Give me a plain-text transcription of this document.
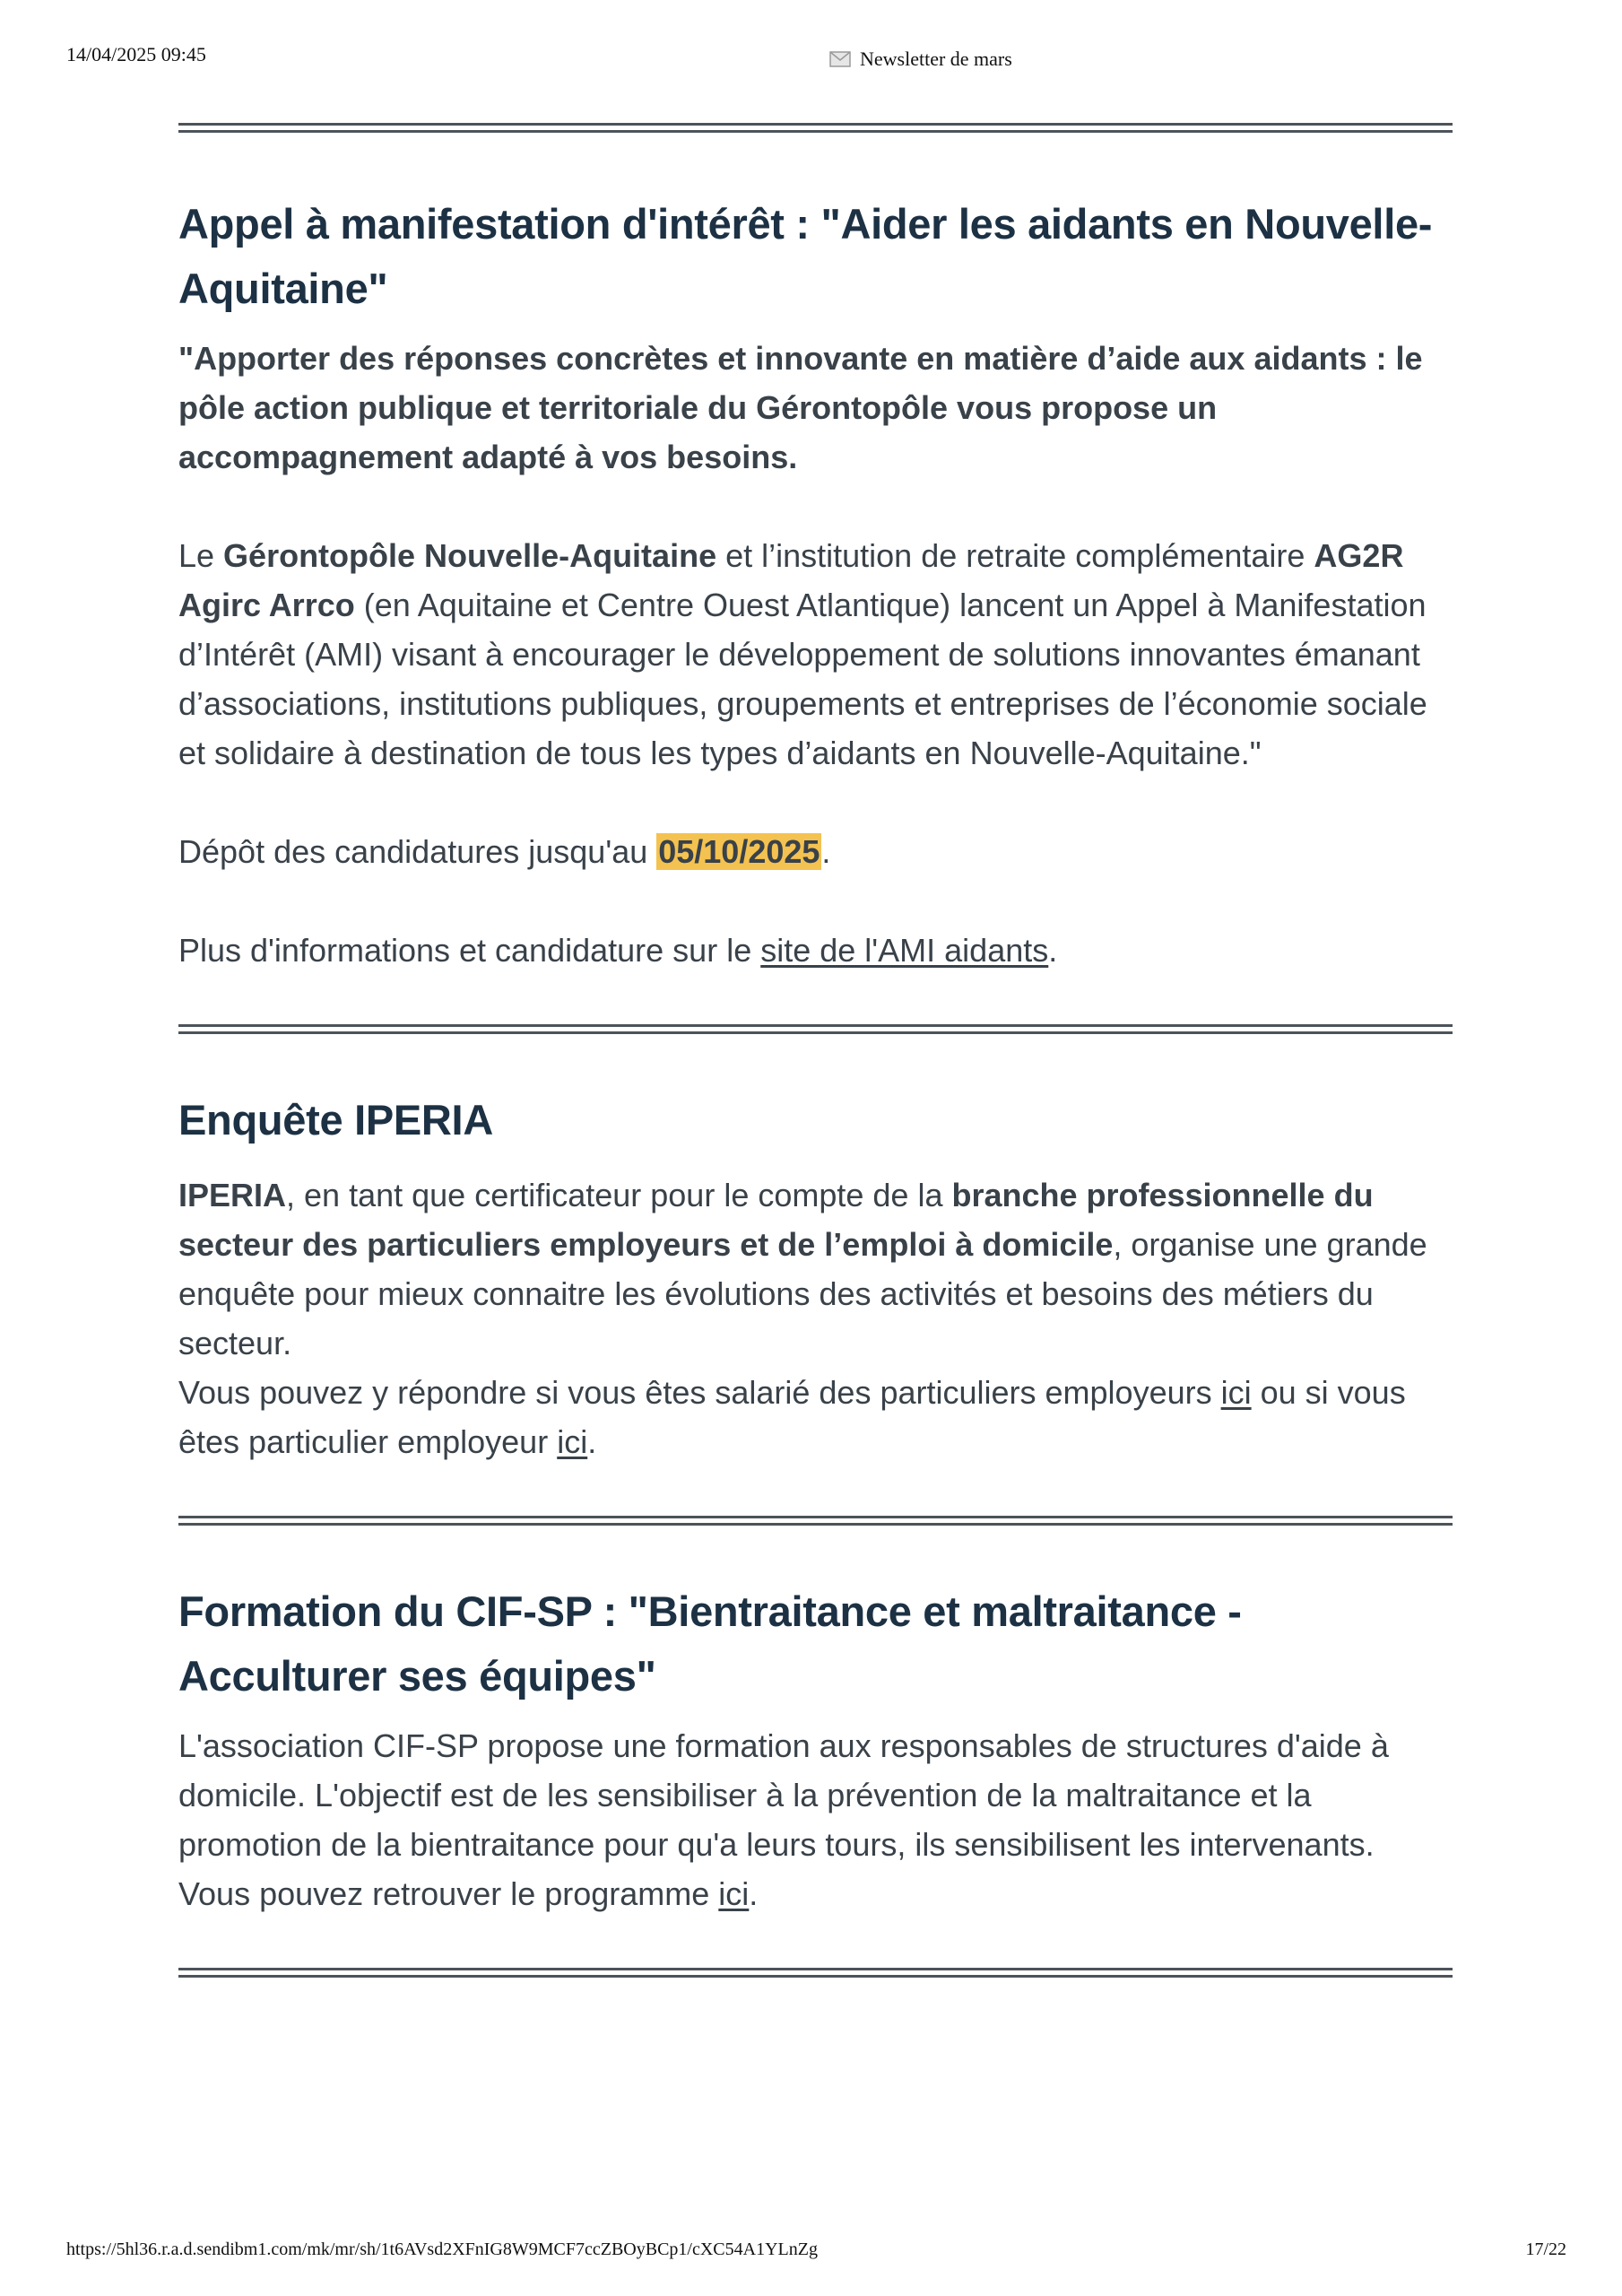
14/04/2025 09:45	Newsletter de mars
Appel à manifestation d'intérêt : "Aider les aidants en Nouvelle-Aquitaine"

"Apporter des réponses concrètes et innovante en matière d’aide aux aidants : le pôle action publique et territoriale du Gérontopôle vous propose un accompagnement adapté à vos besoins.

Le Gérontopôle Nouvelle-Aquitaine et l’institution de retraite complémentaire AG2R Agirc Arrco (en Aquitaine et Centre Ouest Atlantique) lancent un Appel à Manifestation d’Intérêt (AMI) visant à encourager le développement de solutions innovantes émanant d’associations, institutions publiques, groupements et entreprises de l’économie sociale et solidaire à destination de tous les types d’aidants en Nouvelle-Aquitaine."

Dépôt des candidatures jusqu'au 05/10/2025.

Plus d'informations et candidature sur le site de l'AMI aidants.

Enquête IPERIA

IPERIA, en tant que certificateur pour le compte de la branche professionnelle du secteur des particuliers employeurs et de l’emploi à domicile, organise une grande enquête pour mieux connaitre les évolutions des activités et besoins des métiers du secteur.

Vous pouvez y répondre si vous êtes salarié des particuliers employeurs ici ou si vous êtes particulier employeur ici.

Formation du CIF-SP : "Bientraitance et maltraitance - Acculturer ses équipes"

L'association CIF-SP propose une formation aux responsables de structures d'aide à domicile. L'objectif est de les sensibiliser à la prévention de la maltraitance et la promotion de la bientraitance pour qu'a leurs tours, ils sensibilisent les intervenants. Vous pouvez retrouver le programme ici.

https://5hl36.r.a.d.sendibm1.com/mk/mr/sh/1t6AVsd2XFnIG8W9MCF7ccZBOyBCp1/cXC54A1YLnZg	17/22
